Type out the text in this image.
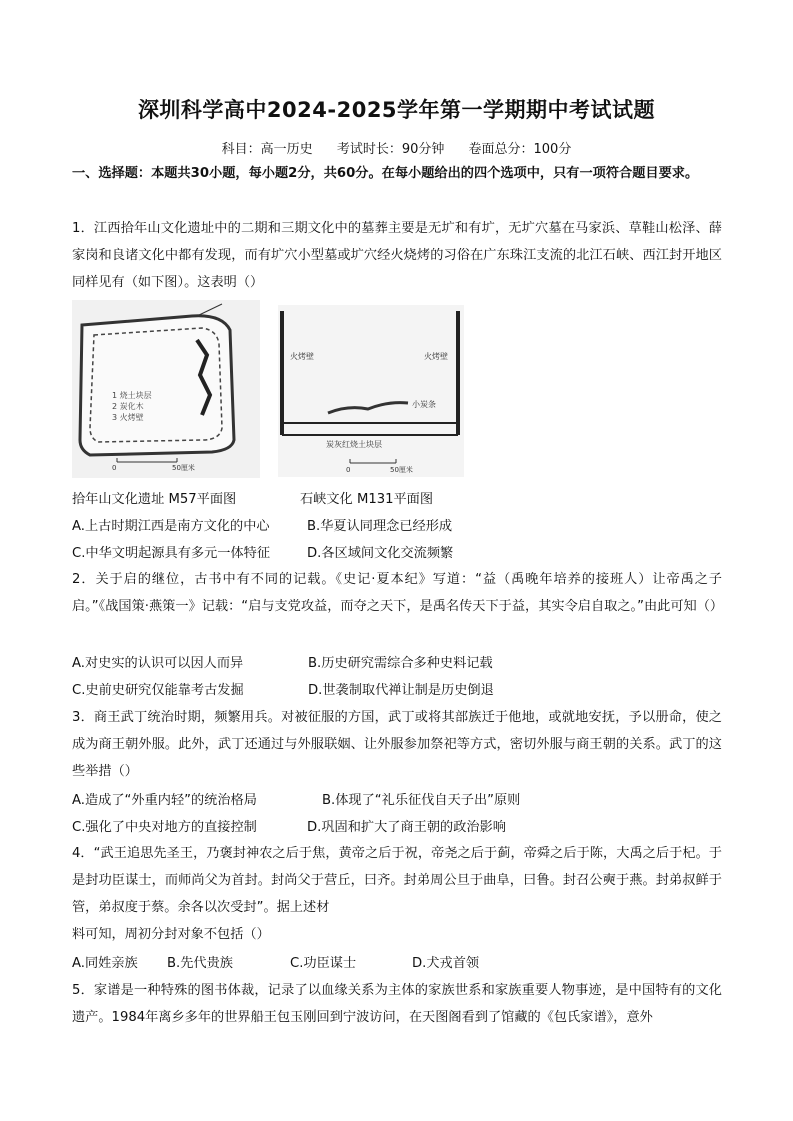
深圳科学高中2024-2025学年第一学期期中考试试题
科目：高一历史 考试时长：90分钟 卷面总分：100分
一、选择题：本题共30小题，每小题2分，共60分。在每小题给出的四个选项中，只有一项符合题目要求。
1．江西拾年山文化遗址中的二期和三期文化中的墓葬主要是无圹和有圹，无圹穴墓在马家浜、草鞋山松泽、薛家岗和良诸文化中都有发现，而有圹穴小型墓或圹穴经火烧烤的习俗在广东珠江支流的北江石峡、西江封开地区同样见有（如下图）。这表明（）
1 烧土块层
2 炭化木
3 火烤壁
0	50厘米
火烤壁	火烤壁
小炭条
炭灰红烧土块层
0	50厘米
拾年山文化遗址 M57平面图	石峡文化 M131平面图
A.上古时期江西是南方文化的中心	B.华夏认同理念已经形成
C.中华文明起源具有多元一体特征	D.各区域间文化交流频繁
2．关于启的继位，古书中有不同的记载。《史记·夏本纪》写道：“益（禹晚年培养的接班人）让帝禹之子启。”《战国策·燕策一》记载：“启与支党攻益，而夺之天下，是禹名传天下于益，其实令启自取之。”由此可知（）
A.对史实的认识可以因人而异	B.历史研究需综合多种史料记载
C.史前史研究仅能靠考古发掘	D.世袭制取代禅让制是历史倒退
3．商王武丁统治时期，频繁用兵。对被征服的方国，武丁或将其部族迁于他地，或就地安抚，予以册命，使之成为商王朝外服。此外，武丁还通过与外服联姻、让外服参加祭祀等方式，密切外服与商王朝的关系。武丁的这些举措（）
A.造成了“外重内轻”的统治格局	B.体现了“礼乐征伐自天子出”原则
C.强化了中央对地方的直接控制	D.巩固和扩大了商王朝的政治影响
4．“武王追思先圣王，乃褒封神农之后于焦，黄帝之后于祝，帝尧之后于蓟，帝舜之后于陈，大禹之后于杞。于是封功臣谋士，而师尚父为首封。封尚父于营丘，曰齐。封弟周公旦于曲阜，曰鲁。封召公奭于燕。封弟叔鲜于管，弟叔度于蔡。余各以次受封”。据上述材
料可知，周初分封对象不包括（）
A.同姓亲族 B.先代贵族	C.功臣谋士	D.犬戎首领
5．家谱是一种特殊的图书体裁，记录了以血缘关系为主体的家族世系和家族重要人物事迹，是中国特有的文化遗产。1984年离乡多年的世界船王包玉刚回到宁波访问，在天图阁看到了馆藏的《包氏家谱》，意外
